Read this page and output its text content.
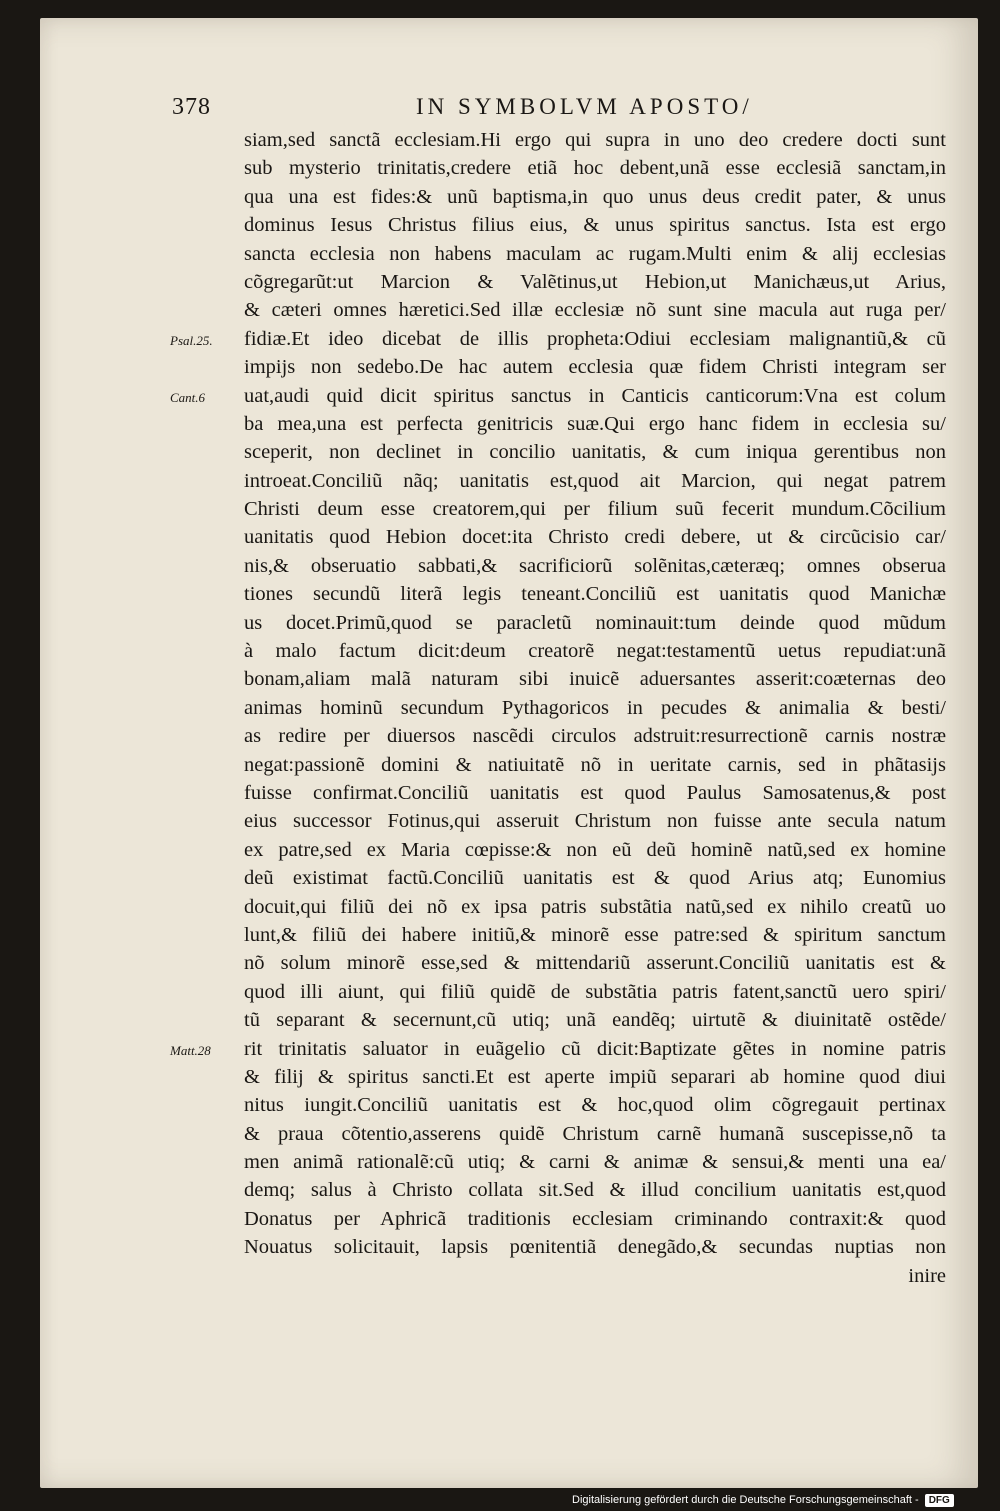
378	IN SYMBOLVM APOSTO/
siam,sed sanctã ecclesiam.Hi ergo qui supra in uno deo credere docti sunt
sub mysterio trinitatis,credere etiã hoc debent,unã esse ecclesiã sanctam,in
qua una est fides:& unũ baptisma,in quo unus deus credit pater, & unus
dominus Iesus Christus filius eius, & unus spiritus sanctus. Ista est ergo
sancta ecclesia non habens maculam ac rugam.Multi enim & alij ecclesias
cõgregarũt:ut Marcion & Valẽtinus,ut Hebion,ut Manichæus,ut Arius,
& cæteri omnes hæretici.Sed illæ ecclesiæ nõ sunt sine macula aut ruga per/
fidiæ.Et ideo dicebat de illis propheta:Odiui ecclesiam malignantiũ,& cũ
impijs non sedebo.De hac autem ecclesia quæ fidem Christi integram ser
uat,audi quid dicit spiritus sanctus in Canticis canticorum:Vna est colum
ba mea,una est perfecta genitricis suæ.Qui ergo hanc fidem in ecclesia su/
sceperit, non declinet in concilio uanitatis, & cum iniqua gerentibus non
introeat.Conciliũ nãq; uanitatis est,quod ait Marcion, qui negat patrem
Christi deum esse creatorem,qui per filium suũ fecerit mundum.Cõcilium
uanitatis quod Hebion docet:ita Christo credi debere, ut & circũcisio car/
nis,& obseruatio sabbati,& sacrificiorũ solẽnitas,cæteræq; omnes obserua
tiones secundũ literã legis teneant.Conciliũ est uanitatis quod Manichæ
us docet.Primũ,quod se paracletũ nominauit:tum deinde quod mũdum
à malo factum dicit:deum creatorẽ negat:testamentũ uetus repudiat:unã
bonam,aliam malã naturam sibi inuicẽ aduersantes asserit:coæternas deo
animas hominũ secundum Pythagoricos in pecudes & animalia & besti/
as redire per diuersos nascẽdi circulos adstruit:resurrectionẽ carnis nostræ
negat:passionẽ domini & natiuitatẽ nõ in ueritate carnis, sed in phãtasijs
fuisse confirmat.Conciliũ uanitatis est quod Paulus Samosatenus,& post
eius successor Fotinus,qui asseruit Christum non fuisse ante secula natum
ex patre,sed ex Maria cœpisse:& non eũ deũ hominẽ natũ,sed ex homine
deũ existimat factũ.Conciliũ uanitatis est & quod Arius atq; Eunomius
docuit,qui filiũ dei nõ ex ipsa patris substãtia natũ,sed ex nihilo creatũ uo
lunt,& filiũ dei habere initiũ,& minorẽ esse patre:sed & spiritum sanctum
nõ solum minorẽ esse,sed & mittendariũ asserunt.Conciliũ uanitatis est &
quod illi aiunt, qui filiũ quidẽ de substãtia patris fatent,sanctũ uero spiri/
tũ separant & secernunt,cũ utiq; unã eandẽq; uirtutẽ & diuinitatẽ ostẽde/
rit trinitatis saluator in euãgelio cũ dicit:Baptizate gẽtes in nomine patris
& filij & spiritus sancti.Et est aperte impiũ separari ab homine quod diui
nitus iungit.Conciliũ uanitatis est & hoc,quod olim cõgregauit pertinax
& praua cõtentio,asserens quidẽ Christum carnẽ humanã suscepisse,nõ ta
men animã rationalẽ:cũ utiq; & carni & animæ & sensui,& menti una ea/
demq; salus à Christo collata sit.Sed & illud concilium uanitatis est,quod
Donatus per Aphricã traditionis ecclesiam criminando contraxit:& quod
Nouatus solicitauit, lapsis pœnitentiã denegãdo,& secundas nuptias non
inire
Psal.25.
Cant.6
Matt.28
Digitalisierung gefördert durch die Deutsche Forschungsgemeinschaft -	DFG
